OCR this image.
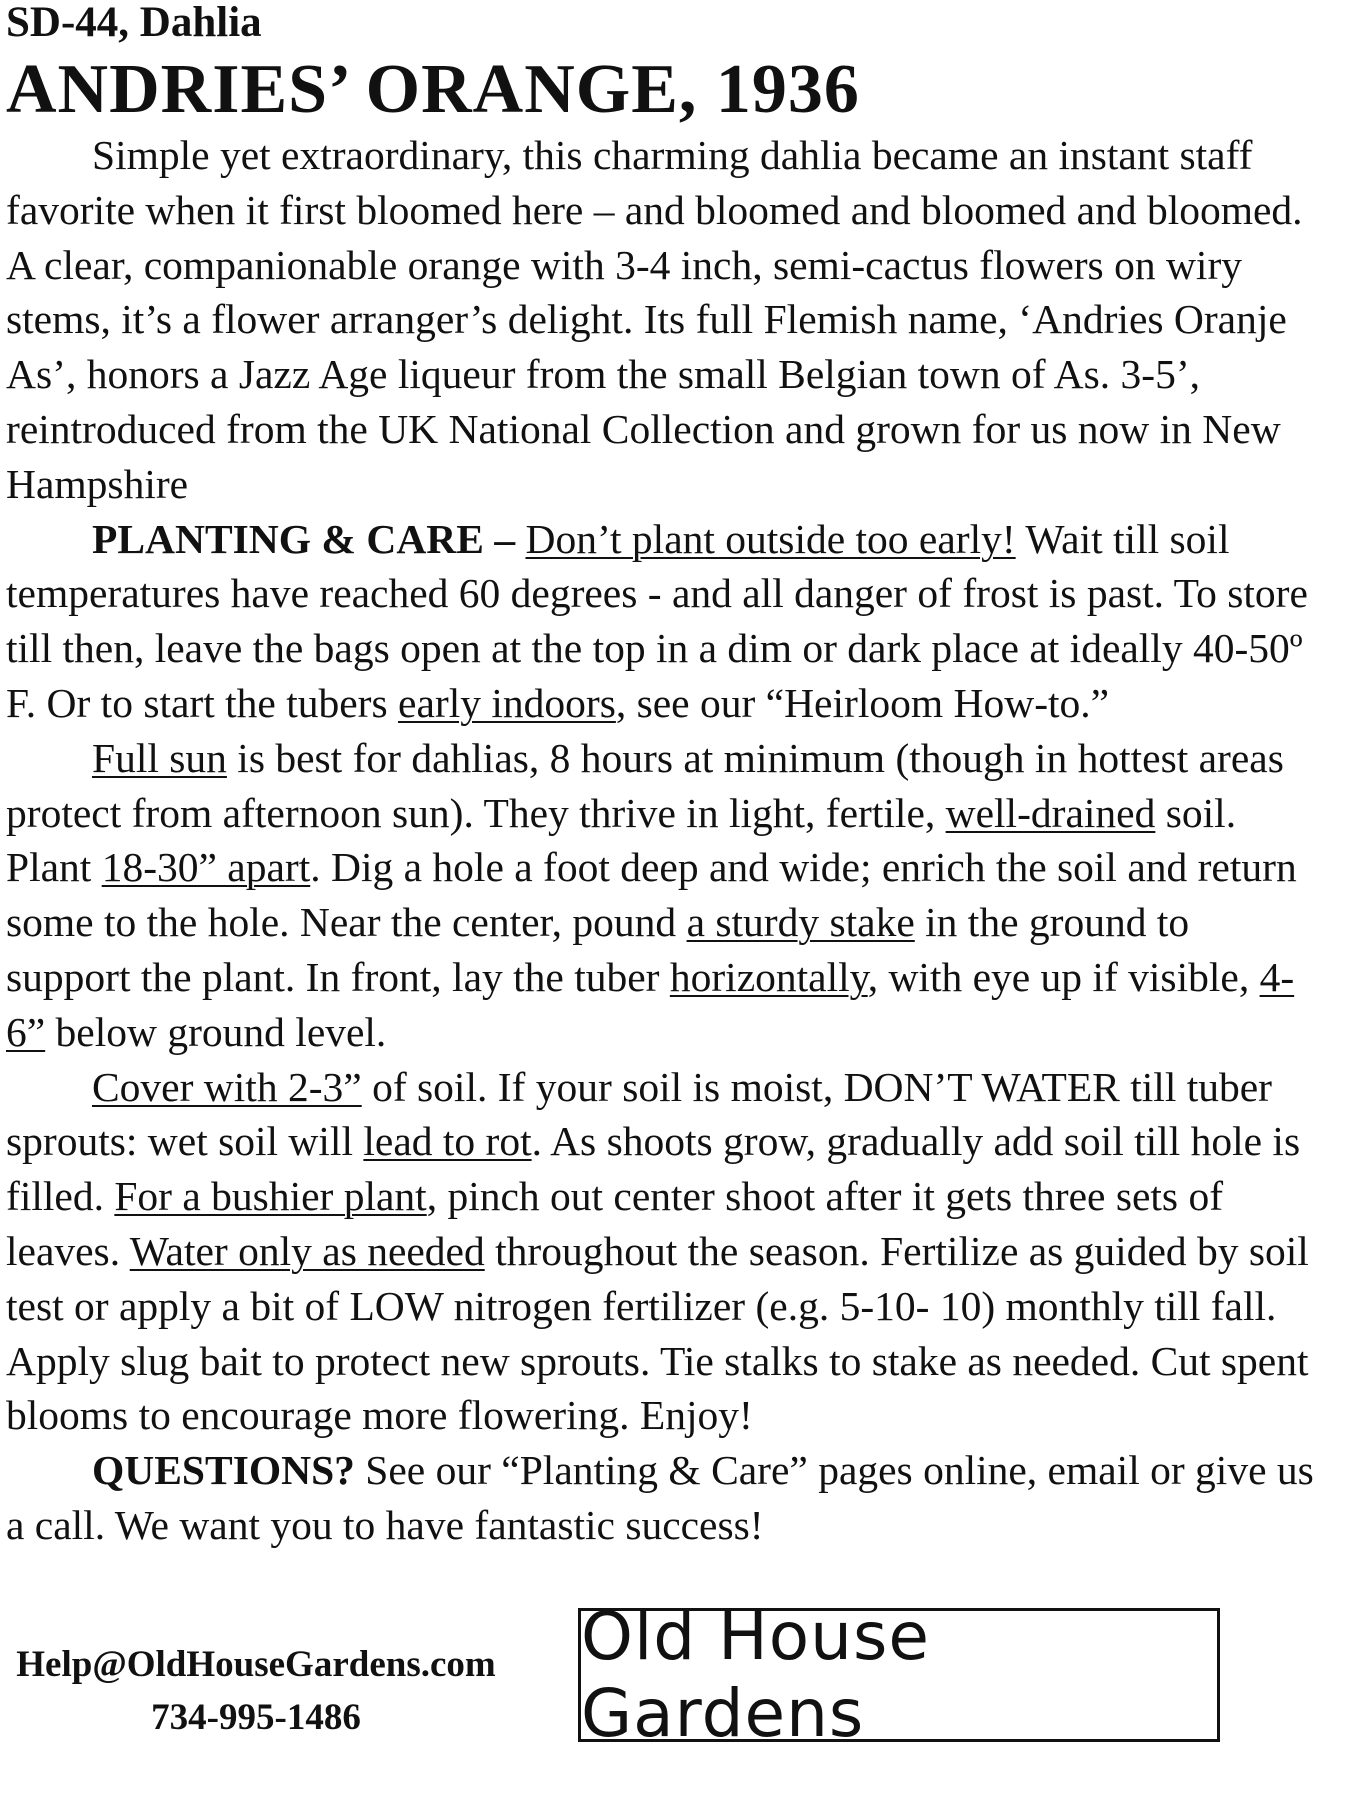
SD-44, Dahlia
ANDRIES’ ORANGE, 1936

Simple yet extraordinary, this charming dahlia became an instant staff favorite when it first bloomed here – and bloomed and bloomed and bloomed. A clear, companionable orange with 3-4 inch, semi-cactus flowers on wiry stems, it’s a flower arranger’s delight. Its full Flemish name, ‘Andries Oranje As’, honors a Jazz Age liqueur from the small Belgian town of As. 3-5’, reintroduced from the UK National Collection and grown for us now in New Hampshire

PLANTING & CARE – Don’t plant outside too early! Wait till soil temperatures have reached 60 degrees - and all danger of frost is past. To store till then, leave the bags open at the top in a dim or dark place at ideally 40-50º F. Or to start the tubers early indoors, see our “Heirloom How-to.”

Full sun is best for dahlias, 8 hours at minimum (though in hottest areas protect from afternoon sun). They thrive in light, fertile, well-drained soil. Plant 18-30” apart. Dig a hole a foot deep and wide; enrich the soil and return some to the hole. Near the center, pound a sturdy stake in the ground to support the plant. In front, lay the tuber horizontally, with eye up if visible, 4-6” below ground level.

Cover with 2-3” of soil. If your soil is moist, DON’T WATER till tuber sprouts: wet soil will lead to rot. As shoots grow, gradually add soil till hole is filled. For a bushier plant, pinch out center shoot after it gets three sets of leaves. Water only as needed throughout the season. Fertilize as guided by soil test or apply a bit of LOW nitrogen fertilizer (e.g. 5-10- 10) monthly till fall. Apply slug bait to protect new sprouts. Tie stalks to stake as needed. Cut spent blooms to encourage more flowering. Enjoy!

QUESTIONS? See our “Planting & Care” pages online, email or give us a call. We want you to have fantastic success!

Help@OldHouseGardens.com
734-995-1486
Old House Gardens
